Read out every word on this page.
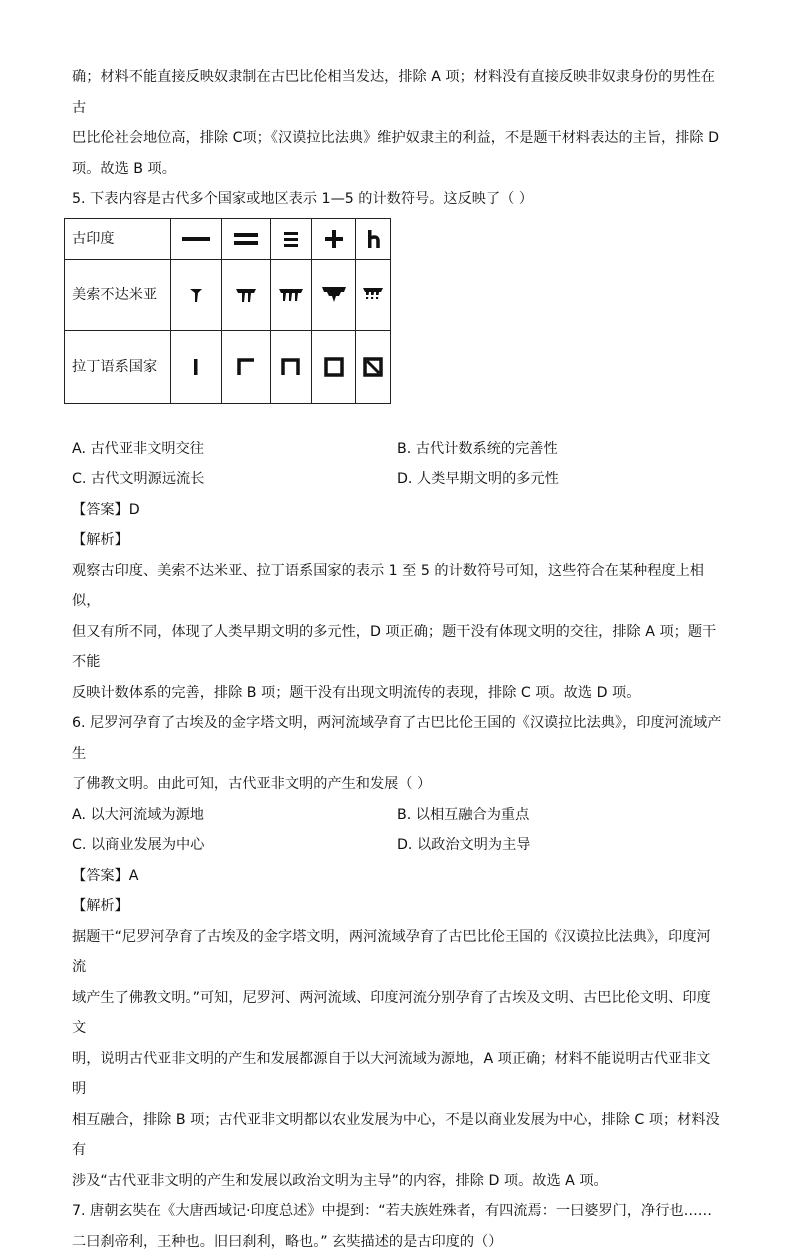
确；材料不能直接反映奴隶制在古巴比伦相当发达，排除 A 项；材料没有直接反映非奴隶身份的男性在古

巴比伦社会地位高，排除 C项；《汉谟拉比法典》维护奴隶主的利益，不是题干材料表达的主旨，排除 D

项。故选 B 项。

5. 下表内容是古代多个国家或地区表示 1—5 的计数符号。这反映了（ ）

古印度	

美索不达米亚	

拉丁语系国家	

A. 古代亚非文明交往	B. 古代计数系统的完善性
C. 古代文明源远流长	D. 人类早期文明的多元性

【答案】D

【解析】

观察古印度、美索不达米亚、拉丁语系国家的表示 1 至 5 的计数符号可知，这些符合在某种程度上相似，

但又有所不同，体现了人类早期文明的多元性，D 项正确；题干没有体现文明的交往，排除 A 项；题干不能

反映计数体系的完善，排除 B 项；题干没有出现文明流传的表现，排除 C 项。故选 D 项。

6. 尼罗河孕育了古埃及的金字塔文明，两河流域孕育了古巴比伦王国的《汉谟拉比法典》，印度河流域产生

了佛教文明。由此可知，古代亚非文明的产生和发展（ ）

A. 以大河流域为源地	B. 以相互融合为重点
C. 以商业发展为中心	D. 以政治文明为主导

【答案】A

【解析】

据题干“尼罗河孕育了古埃及的金字塔文明，两河流域孕育了古巴比伦王国的《汉谟拉比法典》，印度河流

域产生了佛教文明。”可知，尼罗河、两河流域、印度河流分别孕育了古埃及文明、古巴比伦文明、印度文

明，说明古代亚非文明的产生和发展都源自于以大河流域为源地，A 项正确；材料不能说明古代亚非文明

相互融合，排除 B 项；古代亚非文明都以农业发展为中心，不是以商业发展为中心，排除 C 项；材料没有

涉及“古代亚非文明的产生和发展以政治文明为主导”的内容，排除 D 项。故选 A 项。

7. 唐朝玄奘在《大唐西域记·印度总述》中提到：“若夫族姓殊者，有四流焉：一曰婆罗门，净行也……

二曰刹帝利，王种也。旧曰刹利，略也。” 玄奘描述的是古印度的（）
